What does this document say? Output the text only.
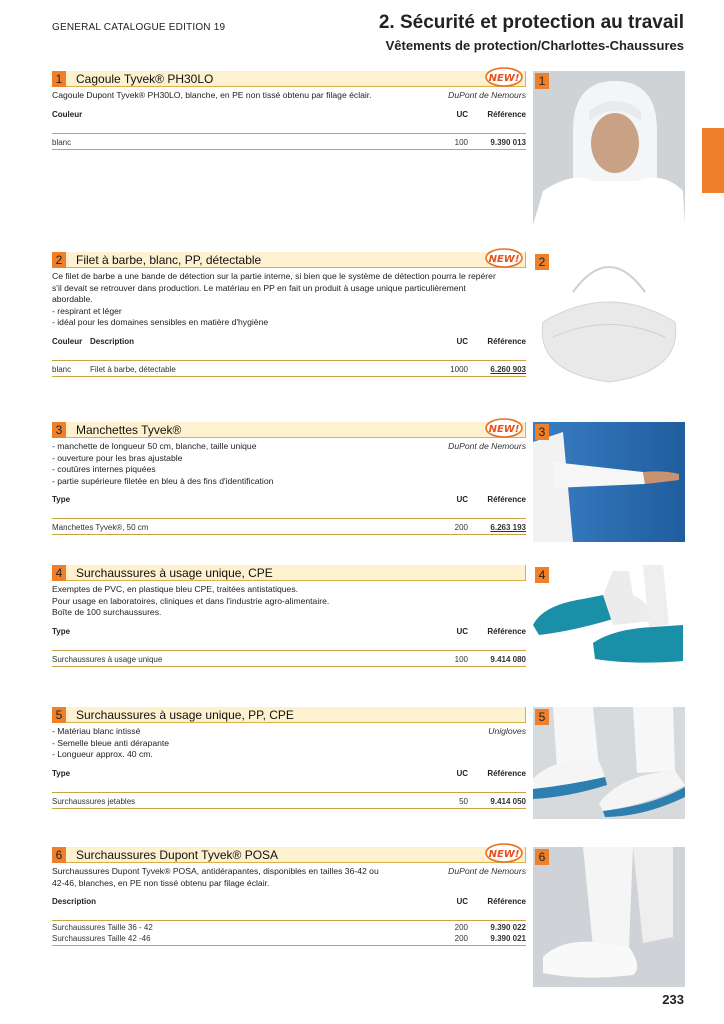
GENERAL CATALOGUE EDITION 19	2. Sécurité et protection au travail
Vêtements de protection/Charlottes-Chaussures
1	Cagoule Tyvek® PH30LO	NEW!
Cagoule Dupont Tyvek® PH30LO, blanche, en PE non tissé obtenu par filage éclair.	DuPont de Nemours
Couleur	UC	Référence
blanc	100	9.390 013
2	Filet à barbe, blanc, PP, détectable	NEW!
Ce filet de barbe a une bande de détection sur la partie interne, si bien que le système de détection pourra le repérer
s'il devait se retrouver dans production. Le matériau en PP en fait un produit à usage unique particulièrement
abordable.
- respirant et léger
- idéal pour les domaines sensibles en matière d'hygiène
Couleur Description	UC	Référence
blanc	Filet à barbe, détectable	1000	6.260 903
3	Manchettes Tyvek®	NEW!
- manchette de longueur 50 cm, blanche, taille unique
- ouverture pour les bras ajustable
- coutûres internes piquées
- partie supérieure filetée en bleu à des fins d'identification
DuPont de Nemours
Type	UC	Référence
Manchettes Tyvek®, 50 cm	200	6.263 193
4	Surchaussures à usage unique, CPE
Exemptes de PVC, en plastique bleu CPE, traitées antistatiques.
Pour usage en laboratoires, cliniques et dans l'industrie agro-alimentaire.
Boîte de 100 surchaussures.
Type	UC	Référence
Surchaussures à usage unique	100	9.414 080
5	Surchaussures à usage unique, PP, CPE
- Matériau blanc intissé
- Semelle bleue anti dérapante
- Longueur approx. 40 cm.
Unigloves
Type	UC	Référence
Surchaussures jetables	50	9.414 050
6	Surchaussures Dupont Tyvek® POSA	NEW!
Surchaussures Dupont Tyvek® POSA, antidérapantes, disponibles en tailles 36-42 ou
42-46, blanches, en PE non tissé obtenu par filage éclair.
DuPont de Nemours
Description	UC	Référence
Surchaussures Taille 36 - 42	200	9.390 022
Surchaussures Taille 42 -46	200	9.390 021
1
2
3
4
5
6
233
